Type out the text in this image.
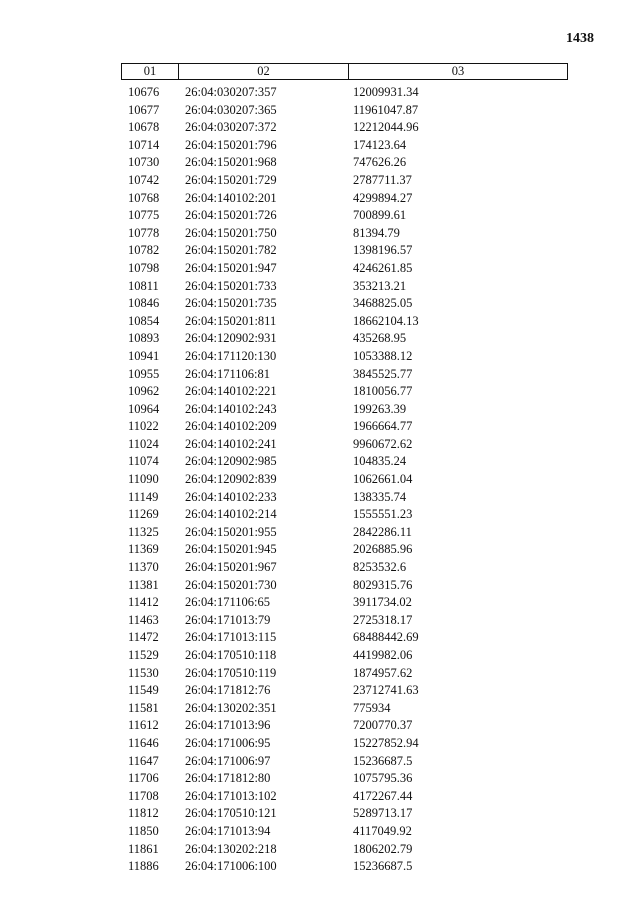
1438
01	02	03
10676 26:04:030207:357	12009931.34
10677 26:04:030207:365	11961047.87
10678 26:04:030207:372	12212044.96
10714 26:04:150201:796	174123.64
10730 26:04:150201:968	747626.26
10742 26:04:150201:729	2787711.37
10768 26:04:140102:201	4299894.27
10775 26:04:150201:726	700899.61
10778 26:04:150201:750	81394.79
10782 26:04:150201:782	1398196.57
10798 26:04:150201:947	4246261.85
10811 26:04:150201:733	353213.21
10846 26:04:150201:735	3468825.05
10854 26:04:150201:811	18662104.13
10893 26:04:120902:931	435268.95
10941 26:04:171120:130	1053388.12
10955 26:04:171106:81	3845525.77
10962 26:04:140102:221	1810056.77
10964 26:04:140102:243	199263.39
11022 26:04:140102:209	1966664.77
11024 26:04:140102:241	9960672.62
11074 26:04:120902:985	104835.24
11090 26:04:120902:839	1062661.04
11149 26:04:140102:233	138335.74
11269 26:04:140102:214	1555551.23
11325 26:04:150201:955	2842286.11
11369 26:04:150201:945	2026885.96
11370 26:04:150201:967	8253532.6
11381 26:04:150201:730	8029315.76
11412 26:04:171106:65	3911734.02
11463 26:04:171013:79	2725318.17
11472 26:04:171013:115	68488442.69
11529 26:04:170510:118	4419982.06
11530 26:04:170510:119	1874957.62
11549 26:04:171812:76	23712741.63
11581 26:04:130202:351	775934
11612 26:04:171013:96	7200770.37
11646 26:04:171006:95	15227852.94
11647 26:04:171006:97	15236687.5
11706 26:04:171812:80	1075795.36
11708 26:04:171013:102	4172267.44
11812 26:04:170510:121	5289713.17
11850 26:04:171013:94	4117049.92
11861 26:04:130202:218	1806202.79
11886 26:04:171006:100	15236687.5
